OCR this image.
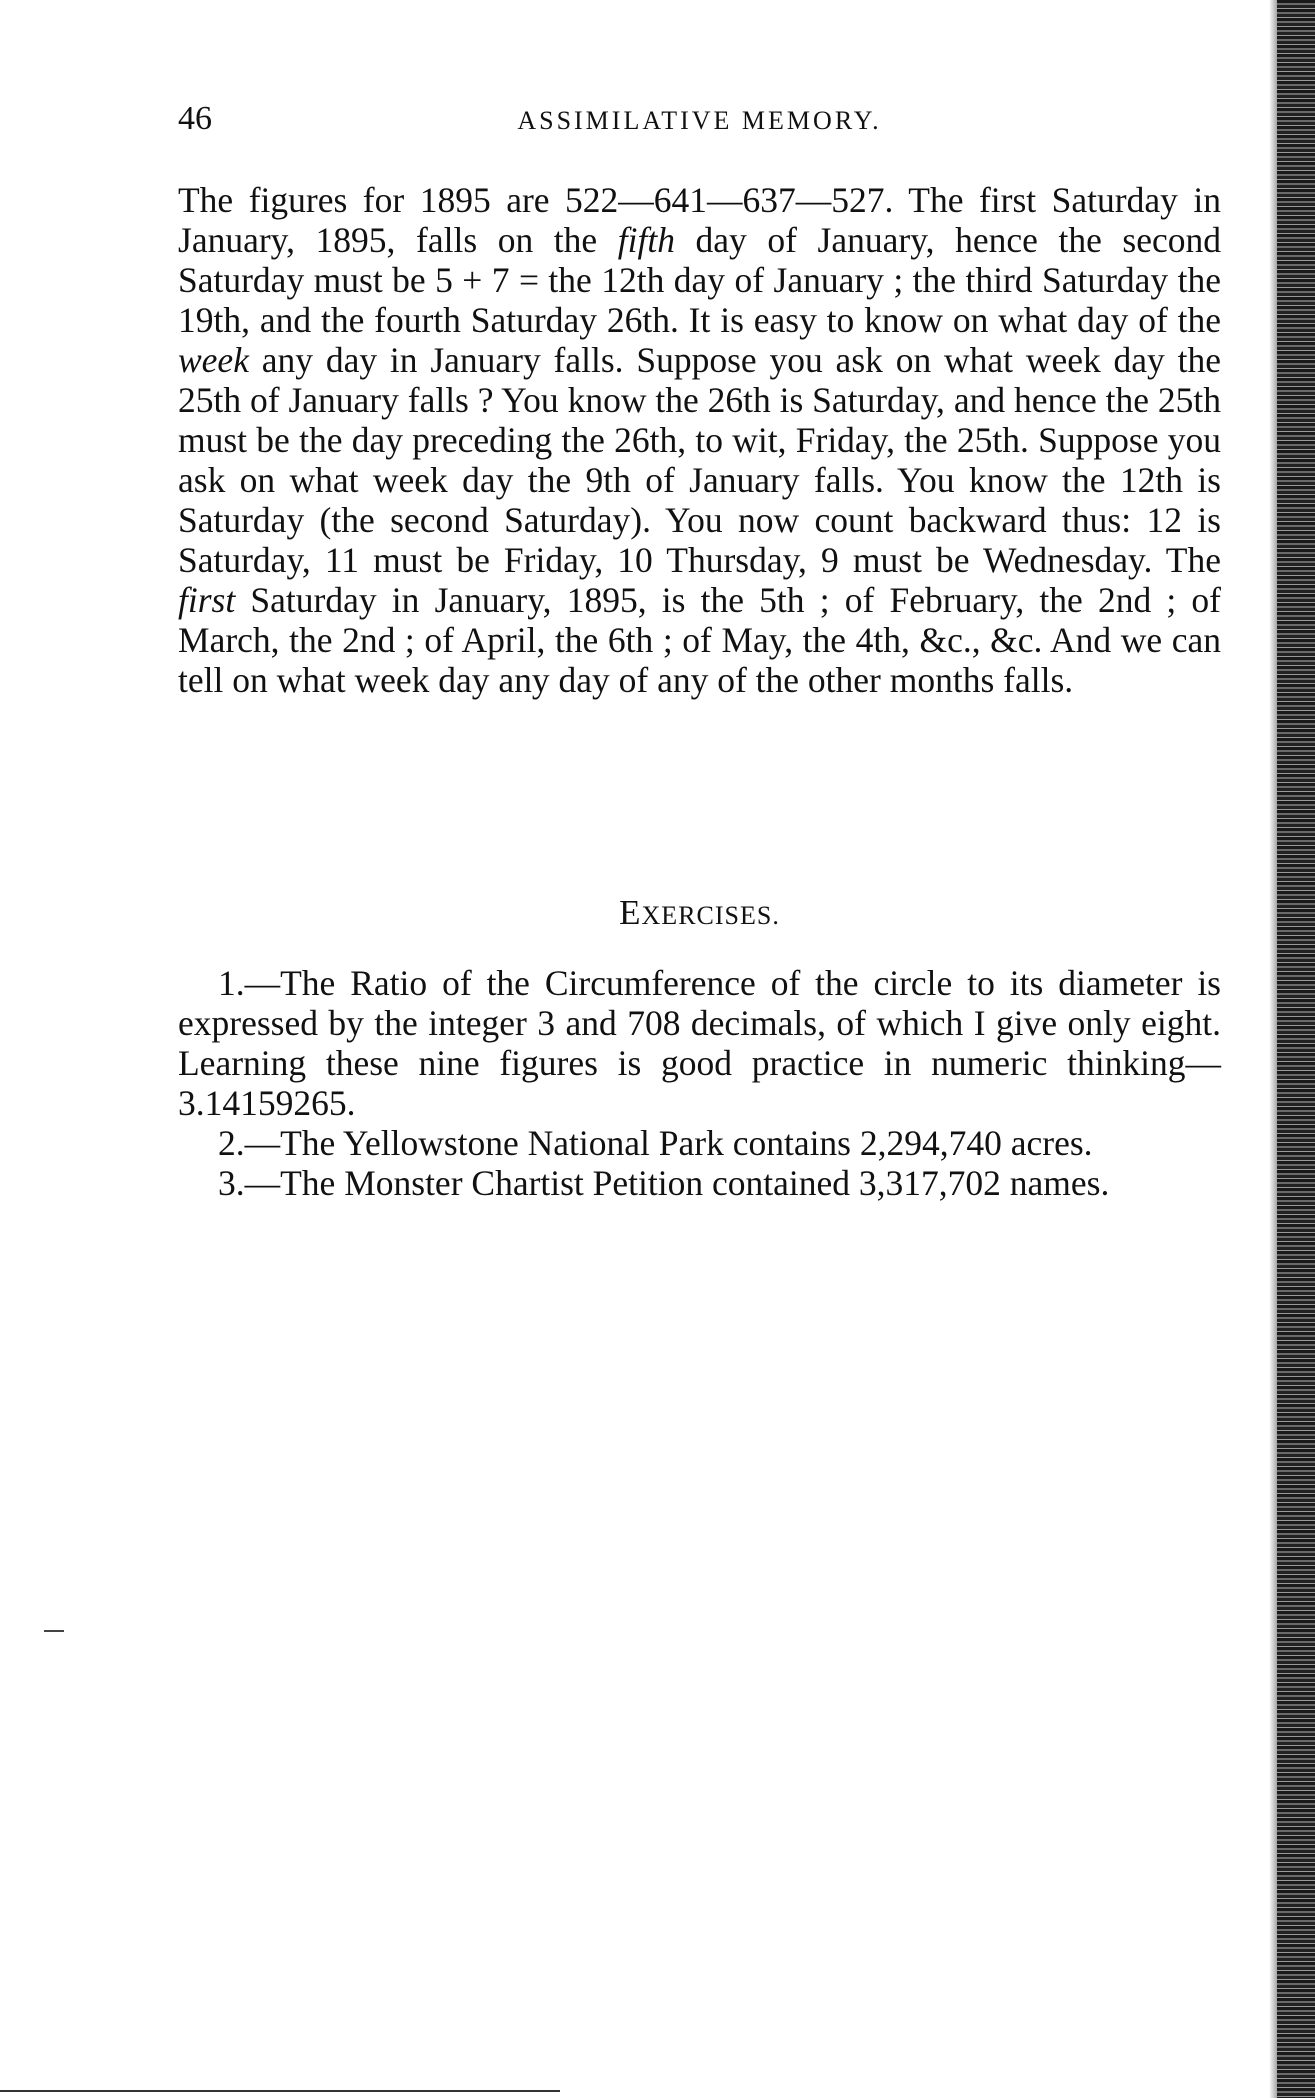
46	ASSIMILATIVE MEMORY.

The figures for 1895 are 522—641—637—527. The first Saturday in January, 1895, falls on the fifth day of January, hence the second Saturday must be 5 + 7 = the 12th day of January ; the third Saturday the 19th, and the fourth Saturday 26th. It is easy to know on what day of the week any day in January falls. Suppose you ask on what week day the 25th of January falls ? You know the 26th is Saturday, and hence the 25th must be the day preceding the 26th, to wit, Friday, the 25th. Suppose you ask on what week day the 9th of January falls. You know the 12th is Saturday (the second Saturday). You now count backward thus: 12 is Saturday, 11 must be Friday, 10 Thursday, 9 must be Wednesday. The first Saturday in January, 1895, is the 5th ; of February, the 2nd ; of March, the 2nd ; of April, the 6th ; of May, the 4th, &c., &c. And we can tell on what week day any day of any of the other months falls.

EXERCISES.

1.—The Ratio of the Circumference of the circle to its diameter is expressed by the integer 3 and 708 decimals, of which I give only eight. Learning these nine figures is good practice in numeric thinking—3.14159265.

2.—The Yellowstone National Park contains 2,294,740 acres.

3.—The Monster Chartist Petition contained 3,317,702 names.
